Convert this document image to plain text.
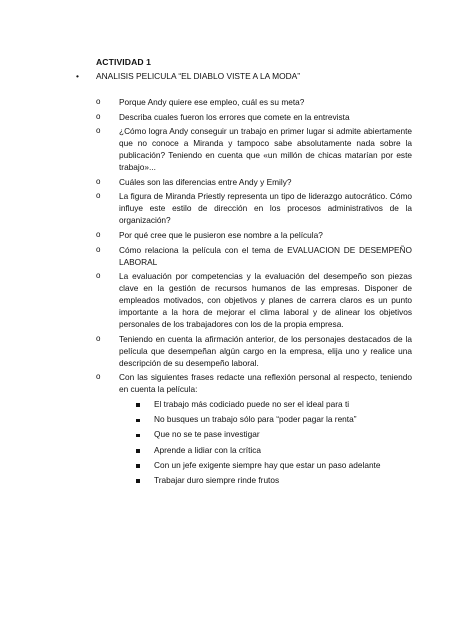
ACTIVIDAD 1
•	ANALISIS PELICULA “EL DIABLO VISTE A LA MODA”
o	Porque Andy quiere ese empleo, cuál es su meta?
o	Describa cuales fueron los errores que comete en la entrevista
o	¿Cómo logra Andy conseguir un trabajo en primer lugar si admite abiertamente que no conoce a Miranda y tampoco sabe absolutamente nada sobre la publicación? Teniendo en cuenta que «un millón de chicas matarían por este trabajo»...
o	Cuáles son las diferencias entre Andy y Emily?
o	La figura de Miranda Priestly representa un tipo de liderazgo autocrático. Cómo influye este estilo de dirección en los procesos administrativos de la organización?
o	Por qué cree que le pusieron ese nombre a la película?
o	Cómo relaciona la película con el tema de EVALUACION DE DESEMPEÑO LABORAL
o	La evaluación por competencias y la evaluación del desempeño son piezas clave en la gestión de recursos humanos de las empresas. Disponer de empleados motivados, con objetivos y planes de carrera claros es un punto importante a la hora de mejorar el clima laboral y de alinear los objetivos personales de los trabajadores con los de la propia empresa.
o	Teniendo en cuenta la afirmación anterior, de los personajes destacados de la película que desempeñan algún cargo en la empresa, elija uno y realice una descripción de su desempeño laboral.
o	Con las siguientes frases redacte una reflexión personal al respecto, teniendo en cuenta la película:
El trabajo más codiciado puede no ser el ideal para ti
No busques un trabajo sólo para “poder pagar la renta”
Que no se te pase investigar
Aprende a lidiar con la crítica
Con un jefe exigente siempre hay que estar un paso adelante
Trabajar duro siempre rinde frutos
